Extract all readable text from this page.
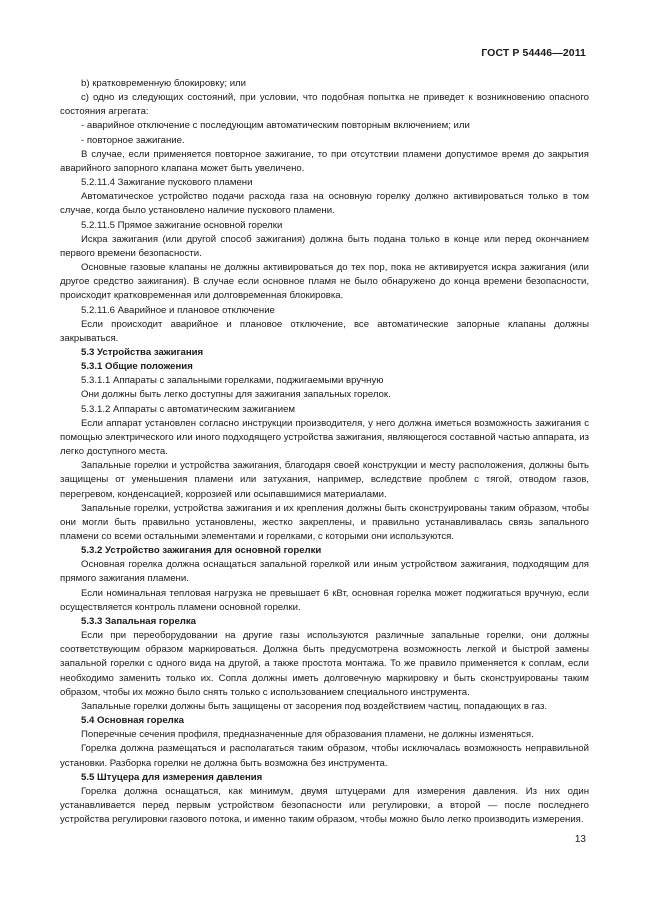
ГОСТ Р 54446—2011

b) кратковременную блокировку; или

c) одно из следующих состояний, при условии, что подобная попытка не приведет к возникновению опасного состояния агрегата:

- аварийное отключение с последующим автоматическим повторным включением; или

- повторное зажигание.

В случае, если применяется повторное зажигание, то при отсутствии пламени допустимое время до закрытия аварийного запорного клапана может быть увеличено.

5.2.11.4 Зажигание пускового пламени

Автоматическое устройство подачи расхода газа на основную горелку должно активироваться только в том случае, когда было установлено наличие пускового пламени.

5.2.11.5 Прямое зажигание основной горелки

Искра зажигания (или другой способ зажигания) должна быть подана только в конце или перед окончанием первого времени безопасности.

Основные газовые клапаны не должны активироваться до тех пор, пока не активируется искра зажигания (или другое средство зажигания). В случае если основное пламя не было обнаружено до конца времени безопасности, происходит кратковременная или долговременная блокировка.

5.2.11.6 Аварийное и плановое отключение

Если происходит аварийное и плановое отключение, все автоматические запорные клапаны должны закрываться.

5.3 Устройства зажигания

5.3.1 Общие положения

5.3.1.1 Аппараты с запальными горелками, поджигаемыми вручную

Они должны быть легко доступны для зажигания запальных горелок.

5.3.1.2 Аппараты с автоматическим зажиганием

Если аппарат установлен согласно инструкции производителя, у него должна иметься возможность зажигания с помощью электрического или иного подходящего устройства зажигания, являющегося составной частью аппарата, из легко доступного места.

Запальные горелки и устройства зажигания, благодаря своей конструкции и месту расположения, должны быть защищены от уменьшения пламени или затухания, например, вследствие проблем с тягой, отводом газов, перегревом, конденсацией, коррозией или осыпавшимися материалами.

Запальные горелки, устройства зажигания и их крепления должны быть сконструированы таким образом, чтобы они могли быть правильно установлены, жестко закреплены, и правильно устанавливалась связь запального пламени со всеми остальными элементами и горелками, с которыми они используются.

5.3.2 Устройство зажигания для основной горелки

Основная горелка должна оснащаться запальной горелкой или иным устройством зажигания, подходящим для прямого зажигания пламени.

Если номинальная тепловая нагрузка не превышает 6 кВт, основная горелка может поджигаться вручную, если осуществляется контроль пламени основной горелки.

5.3.3 Запальная горелка

Если при переоборудовании на другие газы используются различные запальные горелки, они должны соответствующим образом маркироваться. Должна быть предусмотрена возможность легкой и быстрой замены запальной горелки с одного вида на другой, а также простота монтажа. То же правило применяется к соплам, если необходимо заменить только их. Сопла должны иметь долговечную маркировку и быть сконструированы таким образом, чтобы их можно было снять только с использованием специального инструмента.

Запальные горелки должны быть защищены от засорения под воздействием частиц, попадающих в газ.

5.4 Основная горелка

Поперечные сечения профиля, предназначенные для образования пламени, не должны изменяться.

Горелка должна размещаться и располагаться таким образом, чтобы исключалась возможность неправильной установки. Разборка горелки не должна быть возможна без инструмента.

5.5 Штуцера для измерения давления

Горелка должна оснащаться, как минимум, двумя штуцерами для измерения давления. Из них один устанавливается перед первым устройством безопасности или регулировки, а второй — после последнего устройства регулировки газового потока, и именно таким образом, чтобы можно было легко производить измерения.

13
